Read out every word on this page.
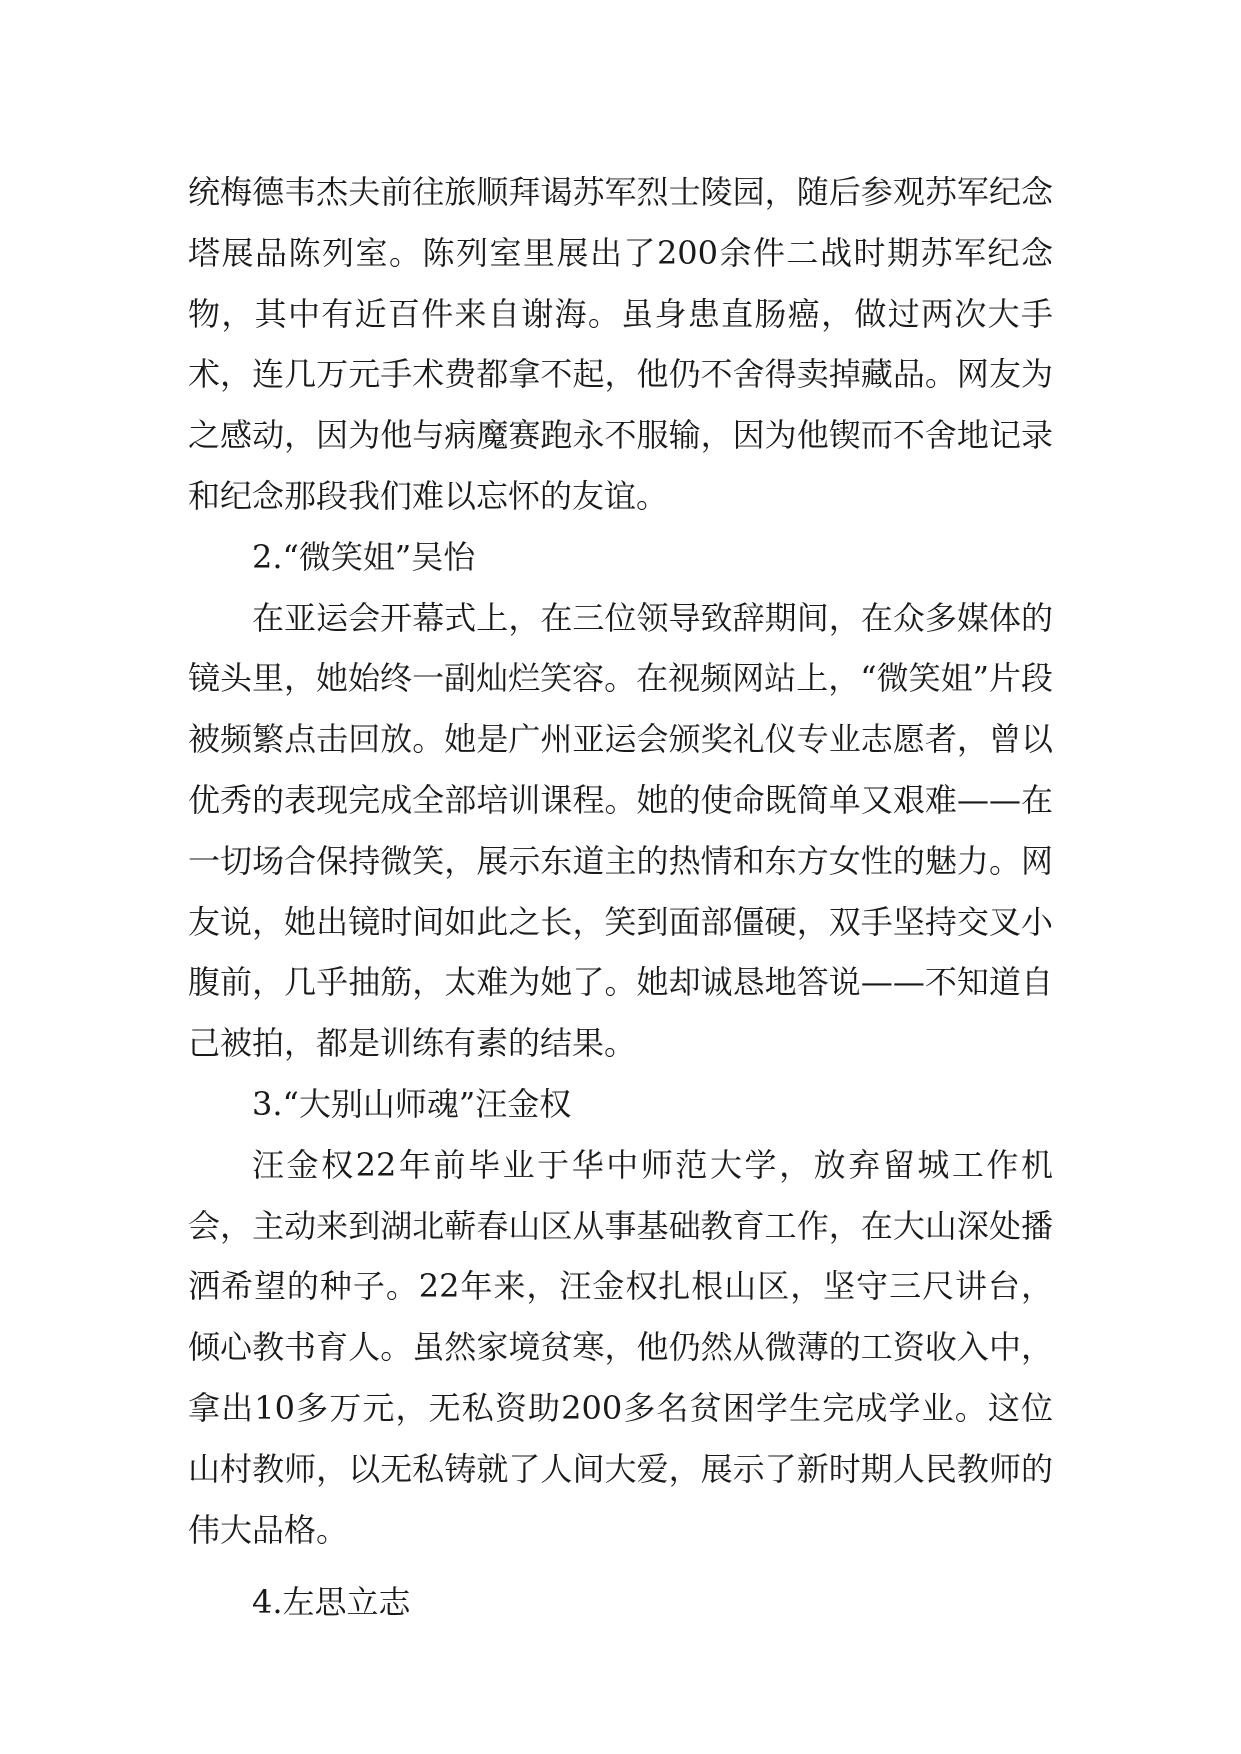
统梅德韦杰夫前往旅顺拜谒苏军烈士陵园，随后参观苏军纪念塔展品陈列室。陈列室里展出了200余件二战时期苏军纪念物，其中有近百件来自谢海。虽身患直肠癌，做过两次大手术，连几万元手术费都拿不起，他仍不舍得卖掉藏品。网友为之感动，因为他与病魔赛跑永不服输，因为他锲而不舍地记录和纪念那段我们难以忘怀的友谊。

2.“微笑姐”吴怡

在亚运会开幕式上，在三位领导致辞期间，在众多媒体的镜头里，她始终一副灿烂笑容。在视频网站上，“微笑姐”片段被频繁点击回放。她是广州亚运会颁奖礼仪专业志愿者，曾以优秀的表现完成全部培训课程。她的使命既简单又艰难——在一切场合保持微笑，展示东道主的热情和东方女性的魅力。网友说，她出镜时间如此之长，笑到面部僵硬，双手坚持交叉小腹前，几乎抽筋，太难为她了。她却诚恳地答说——不知道自己被拍，都是训练有素的结果。

3.“大别山师魂”汪金权

汪金权22年前毕业于华中师范大学，放弃留城工作机会，主动来到湖北蕲春山区从事基础教育工作，在大山深处播洒希望的种子。22年来，汪金权扎根山区，坚守三尺讲台，倾心教书育人。虽然家境贫寒，他仍然从微薄的工资收入中，拿出10多万元，无私资助200多名贫困学生完成学业。这位山村教师，以无私铸就了人间大爱，展示了新时期人民教师的伟大品格。

4.左思立志
